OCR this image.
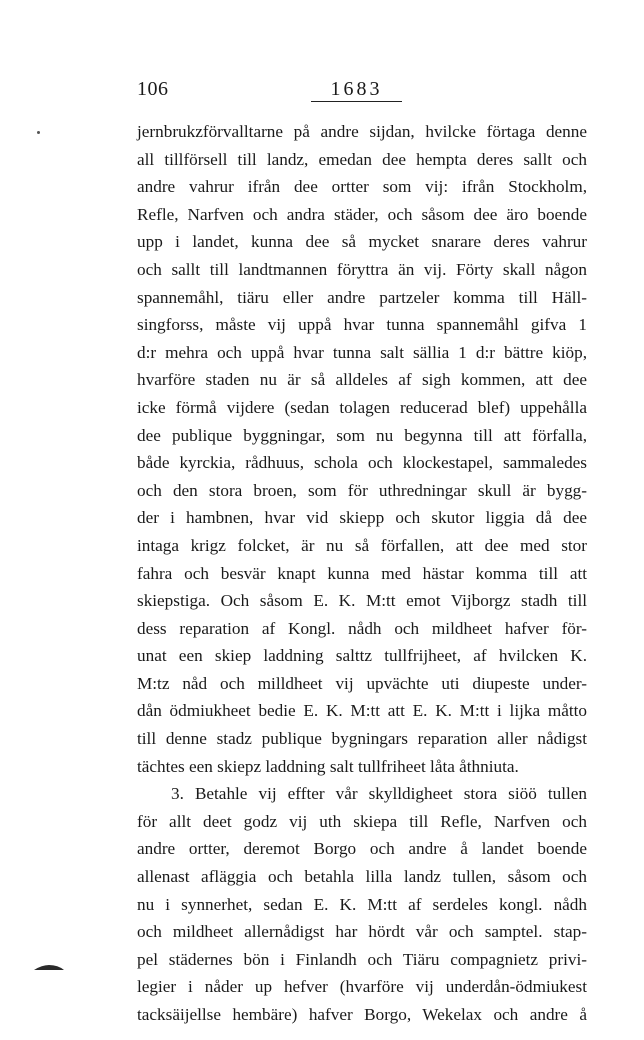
106	1683
jernbrukzförvalltarne på andre sijdan, hvilcke förtaga denne
all tillförsell till landz, emedan dee hempta deres sallt och
andre vahrur ifrån dee ortter som vij: ifrån Stockholm,
Refle, Narfven och andra städer, och såsom dee äro boende
upp i landet, kunna dee så mycket snarare deres vahrur
och sallt till landtmannen föryttra än vij. Förty skall någon
spannemåhl, tiäru eller andre partzeler komma till Häll-
singforss, måste vij uppå hvar tunna spannemåhl gifva 1
d:r mehra och uppå hvar tunna salt sällia 1 d:r bättre kiöp,
hvarföre staden nu är så alldeles af sigh kommen, att dee
icke förmå vijdere (sedan tolagen reducerad blef) uppehålla
dee publique byggningar, som nu begynna till att förfalla,
både kyrckia, rådhuus, schola och klockestapel, sammaledes
och den stora broen, som för uthredningar skull är bygg-
der i hambnen, hvar vid skiepp och skutor liggia då dee
intaga krigz folcket, är nu så förfallen, att dee med stor
fahra och besvär knapt kunna med hästar komma till att
skiepstiga. Och såsom E. K. M:tt emot Vijborgz stadh till
dess reparation af Kongl. nådh och mildheet hafver för-
unat een skiep laddning salttz tullfrijheet, af hvilcken K.
M:tz nåd och milldheet vij upvächte uti diupeste under-
dån ödmiukheet bedie E. K. M:tt att E. K. M:tt i lijka måtto
till denne stadz publique bygningars reparation aller nådigst
tächtes een skiepz laddning salt tullfriheet låta åthniuta.
3. Betahle vij effter vår skylldigheet stora siöö tullen
för allt deet godz vij uth skiepa till Refle, Narfven och
andre ortter, deremot Borgo och andre å landet boende
allenast afläggia och betahla lilla landz tullen, såsom och
nu i synnerhet, sedan E. K. M:tt af serdeles kongl. nådh
och mildheet allernådigst har hördt vår och samptel. stap-
pel städernes bön i Finlandh och Tiäru compagnietz privi-
legier i nåder up hefver (hvarföre vij underdån-ödmiukest
tacksäijellse hembäre) hafver Borgo, Wekelax och andre å
